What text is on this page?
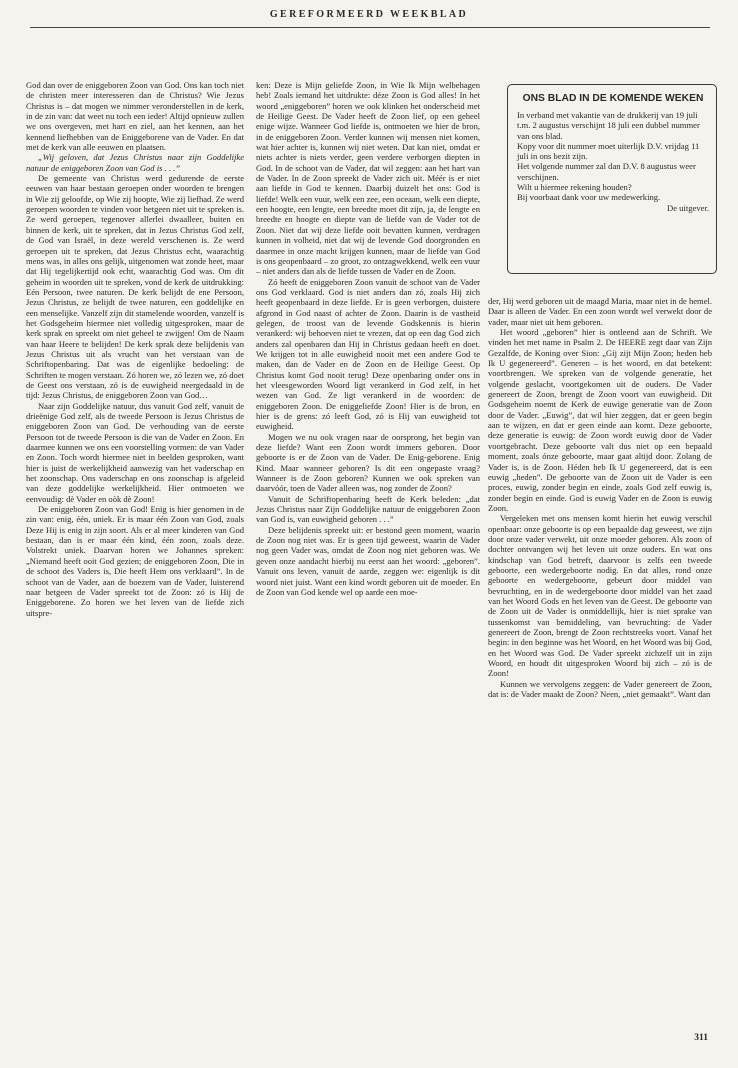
GEREFORMEERD WEEKBLAD

God dan over de eniggeboren Zoon van God. Ons kan toch niet de christen meer interesseren dan de Christus? Wie Jezus Christus is – dat mogen we nimmer veronderstellen in de kerk, in de zin van: dat weet nu toch een ieder! Altijd opnieuw zullen we ons overgeven, met hart en ziel, aan het kennen, aan het kennend liefhebben van de Eniggeborene van de Vader. En dat met de kerk van alle eeuwen en plaatsen.

„Wij geloven, dat Jezus Christus naar zijn Goddelijke natuur de eniggeboren Zoon van God is . . .”

De gemeente van Christus werd gedurende de eerste eeuwen van haar bestaan geroepen onder woorden te brengen in Wie zij geloofde, op Wie zij hoopte, Wie zij liefhad. Ze werd geroepen woorden te vinden voor hetgeen niet uit te spreken is. Ze werd geroepen, tegenover allerlei dwaalleer, buiten en binnen de kerk, uit te spreken, dat in Jezus Christus God zelf, de God van Israël, in deze wereld verschenen is. Ze werd geroepen uit te spreken, dat Jezus Christus echt, waarachtig mens was, in alles ons gelijk, uitgenomen wat zonde heet, maar dat Hij tegelijkertijd ook echt, waarachtig God was. Om dit geheim in woorden uit te spreken, vond de kerk de uitdrukking: Eén Persoon, twee naturen. De kerk belijdt de ene Persoon, Jezus Christus, ze belijdt de twee naturen, een goddelijke en een menselijke. Vanzelf zijn dit stamelende woorden, vanzelf is het Godsgeheim hiermee niet volledig uitgesproken, maar de kerk sprak en spreekt om niet geheel te zwijgen! Om de Naam van haar Heere te belijden! De kerk sprak deze belijdenis van Jezus Christus uit als vrucht van het verstaan van de Schriftopenbaring. Dat was de eigenlijke bedoeling: de Schriften te mogen verstaan. Zó horen we, zó lezen we, zó doet de Geest ons verstaan, zó is de euwigheid neergedaald in de tijd: Jezus Christus, de eniggeboren Zoon van God…

Naar zijn Goddelijke natuur, dus vanuit God zelf, vanuit de drieënige God zelf, als de tweede Persoon is Jezus Christus de eniggeboren Zoon van God. De verhouding van de eerste Persoon tot de tweede Persoon is die van de Vader en Zoon. En daarmee kunnen we ons een voorstelling vormen: de van Vader en Zoon. Toch wordt hiermee niet in beelden gesproken, want hier is juist de werkelijkheid aanwezig van het vaderschap en het zoonschap. Ons vaderschap en ons zoonschap is afgeleid van deze goddelijke werkelijkheid. Hier ontmoeten we eenvoudig: dè Vader en oòk dè Zoon!

De eniggeboren Zoon van God! Enig is hier genomen in de zin van: enig, één, uniek. Er is maar één Zoon van God, zoals Deze Hij is enig in zijn soort. Als er al meer kinderen van God bestaan, dan is er maar één kind, één zoon, zoals deze. Volstrekt uniek. Daarvan horen we Johannes spreken: „Niemand heeft ooit God gezien; de eniggeboren Zoon, Die in de schoot des Vaders is, Die heeft Hem ons verklaard”. In de schoot van de Vader, aan de boezem van de Vader, luisterend naar hetgeen de Vader spreekt tot de Zoon: zó is Hij de Eniggeborene. Zo horen we het leven van de liefde zich uitspre-

ken: Deze is Mijn geliefde Zoon, in Wie Ik Mijn welbehagen heb! Zoals iemand het uitdrukte: déze Zoon is God alles! In het woord „eniggeboren” horen we ook klinken het onderscheid met de Heilige Geest. De Vader heeft de Zoon lief, op een geheel enige wijze. Wanneer God liefde is, ontmoeten we hier de bron, in de eniggeboren Zoon. Verder kunnen wij mensen niet komen, wat hier achter is, kunnen wij niet weten. Dat kan niet, omdat er niets achter is niets verder, geen verdere verborgen diepten in God. In de schoot van de Vader, dat wil zeggen: aan het hart van de Vader. In de Zoon spreekt de Vader zich uit. Méér is er niet aan liefde in God te kennen. Daarbij duizelt het ons: God is liefde! Welk een vuur, welk een zee, een oceaan, welk een diepte, een hoogte, een lengte, een breedte moet dit zijn, ja, de lengte en breedte en hoogte en diepte van de liefde van de Vader tot de Zoon. Niet dat wij deze liefde ooit bevatten kunnen, verdragen kunnen in volheid, niet dat wij de levende God doorgronden en daarmee in onze macht krijgen kunnen, maar de liefde van God is ons geopenbaard – zo groot, zo ontzagwekkend, welk een vuur – niet anders dan als de liefde tussen de Vader en de Zoon.

Zó heeft de eniggeboren Zoon vanuit de schoot van de Vader ons God verklaard. God is niet anders dan zó, zoals Hij zich heeft geopenbaard in deze liefde. Er is geen verborgen, duistere afgrond in God naast of achter de Zoon. Daarin is de vastheid gelegen, de troost van de levende Godskennis is hierin verankerd: wij behoeven niet te vrezen, dat op een dag God zich anders zal openbaren dan Hij in Christus gedaan heeft en doet. We krijgen tot in alle euwigheid nooit met een andere God te maken, dan de Vader en de Zoon en de Heilige Geest. Op Christus komt God nooit terug! Deze openbaring onder ons in het vleesgeworden Woord ligt verankerd in God zelf, in het wezen van God. Ze ligt verankerd in de woorden: de eniggeboren Zoon. De eniggeliefde Zoon! Hier is de bron, en hier is de grens: zó leeft God, zó is Hij van euwigheid tot euwigheid.

Mogen we nu ook vragen naar de oorsprong, het begin van deze liefde? Want een Zoon wordt immers geboren. Door geboorte is er de Zoon van de Vader. De Enig-geborene. Enig Kind. Maar wanneer geboren? Is dit een ongepaste vraag? Wanneer is de Zoon geboren? Kunnen we ook spreken van daarvóór, toen de Vader alleen was, nog zonder de Zoon?

Vanuit de Schriftopenbaring heeft de Kerk beleden: „dat Jezus Christus naar Zijn Goddelijke natuur de eniggeboren Zoon van God is, van euwigheid geboren . . .”

Deze belijdenis spreekt uit: er bestond geen moment, waarin de Zoon nog niet was. Er is geen tijd geweest, waarin de Vader nog geen Vader was, omdat de Zoon nog niet geboren was. We geven onze aandacht hierbij nu eerst aan het woord: „geboren”. Vanuit ons leven, vanuit de aarde, zeggen we: eigenlijk is dit woord niet juist. Want een kind wordt geboren uit de moeder. En de Zoon van God kende wel op aarde een moe-

ONS BLAD IN DE KOMENDE WEKEN

In verband met vakantie van de drukkerij van 19 juli t.m. 2 augustus verschijnt 18 juli een dubbel nummer van ons blad.

Kopy voor dit nummer moet uiterlijk D.V. vrijdag 11 juli in ons bezit zijn.

Het volgende nummer zal dan D.V. 8 augustus weer verschijnen.

Wilt u hiermee rekening houden?

Bij voorbaat dank voor uw medewerking.

De uitgever.

der, Hij werd geboren uit de maagd Maria, maar niet in de hemel. Daar is alleen de Vader. En een zoon wordt wel verwekt door de vader, maar niet uit hem geboren.

Het woord „geboren” hier is ontleend aan de Schrift. We vinden het met name in Psalm 2. De HEERE zegt daar van Zijn Gezalfde, de Koning over Sion: „Gij zijt Mijn Zoon; heden heb Ik U gegenereerd”. Generen – is het woord, en dat betekent: voortbrengen. We spreken van de volgende generatie, het volgende geslacht, voortgekomen uit de ouders. De Vader genereert de Zoon, brengt de Zoon voort van euwigheid. Dit Godsgeheim noemt de Kerk de euwige generatie van de Zoon door de Vader. „Euwig”, dat wil hier zeggen, dat er geen begin aan te wijzen, en dat er geen einde aan komt. Deze geboorte, deze generatie is euwig: de Zoon wordt euwig door de Vader voortgebracht. Deze geboorte valt dus niet op een bepaald moment, zoals ónze geboorte, maar gaat altijd door. Zolang de Vader is, is de Zoon. Héden heb Ik U gegenereerd, dat is een euwig „heden”. De geboorte van de Zoon uit de Vader is een proces, euwig, zonder begin en einde, zoals God zelf euwig is, zonder begin en einde. God is euwig Vader en de Zoon is euwig Zoon.

Vergeleken met ons mensen komt hierin het euwig verschil openbaar: onze geboorte is op een bepaalde dag geweest, we zijn door onze vader verwekt, uit onze moeder geboren. Als zoon of dochter ontvangen wij het leven uit onze ouders. En wat ons kindschap van God betreft, daarvoor is zelfs een tweede geboorte, een wedergeboorte nodig. En dat alles, rond onze geboorte en wedergeboorte, gebeurt door middel van bevruchting, en in de wedergeboorte door middel van het zaad van het Woord Gods en het leven van de Geest. De geboorte van de Zoon uit de Vader is onmiddellijk, hier is niet sprake van tussenkomst van bemiddeling, van bevruchting: de Vader genereert de Zoon, brengt de Zoon rechtstreeks voort. Vanaf het begin: in den beginne was het Woord, en het Woord was bij God, en het Woord was God. De Vader spreekt zichzelf uit in zijn Woord, en houdt dit uitgesproken Woord bij zich – zó is de Zoon!

Kunnen we vervolgens zeggen: de Vader genereert de Zoon, dat is: de Vader maakt de Zoon? Neen, „niet gemaakt”. Want dan

311
